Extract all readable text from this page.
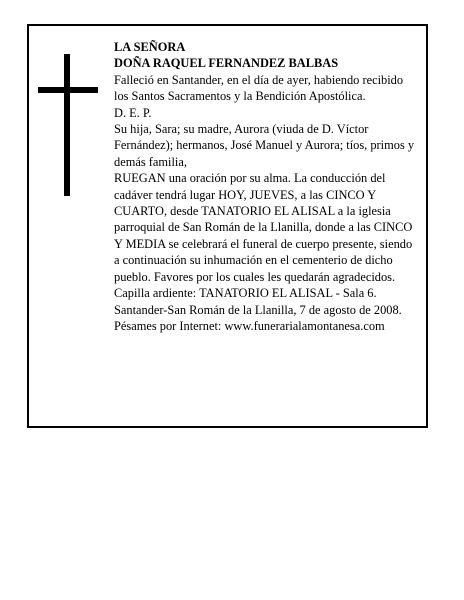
LA SEÑORA

DOÑA RAQUEL FERNANDEZ BALBAS

Falleció en Santander, en el día de ayer, habiendo recibido

los Santos Sacramentos y la Bendición Apostólica.

D. E. P.

Su hija, Sara; su madre, Aurora (viuda de D. Víctor Fernández); hermanos, José Manuel y Aurora; tíos, primos y demás familia,

RUEGAN una oración por su alma. La conducción del cadáver tendrá lugar HOY, JUEVES, a las CINCO Y CUARTO, desde TANATORIO EL ALISAL a la iglesia parroquial de San Román de la Llanilla, donde a las CINCO Y MEDIA se celebrará el funeral de cuerpo presente, siendo a continuación su inhumación en el cementerio de dicho pueblo. Favores por los cuales les quedarán agradecidos. Capilla ardiente: TANATORIO EL ALISAL - Sala 6. Santander-San Román de la Llanilla, 7 de agosto de 2008.

Pésames por Internet: www.funerarialamontanesa.com
